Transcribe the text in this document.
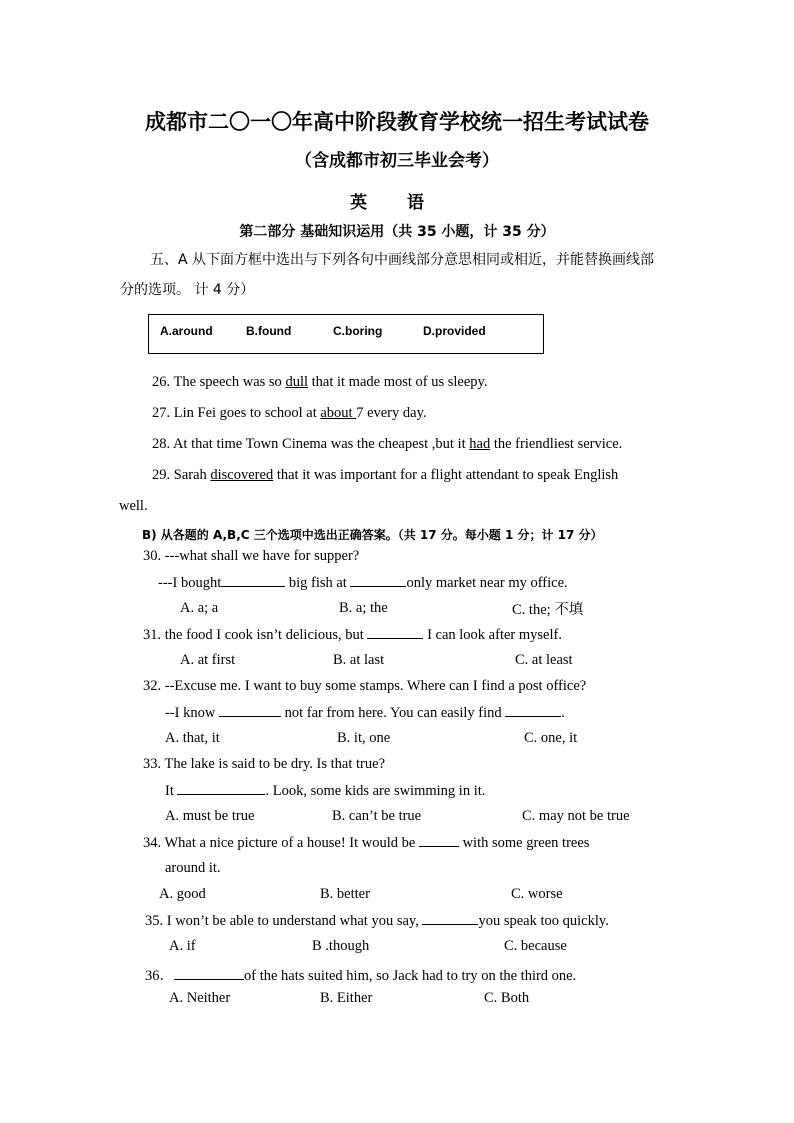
成都市二〇一〇年高中阶段教育学校统一招生考试试卷
（含成都市初三毕业会考）
英语
第二部分 基础知识运用（共 35 小题，计 35 分）
五、A 从下面方框中选出与下列各句中画线部分意思相同或相近，并能替换画线部
分的选项。 计 4 分）
A.around	B.found	C.boring	D.provided
26. The speech was so dull that it made most of us sleepy.
27. Lin Fei goes to school at about 7 every day.
28. At that time Town Cinema was the cheapest ,but it had the friendliest service.
29. Sarah discovered that it was important for a flight attendant to speak English
well.
B) 从各题的 A,B,C 三个选项中选出正确答案。（共 17 分。每小题 1 分；计 17 分）
30. ---what shall we have for supper?
---I bought	big fish at	only market near my office.
A. a; a	B. a; the	C. the; 不填
31. the food I cook isn’t delicious, but	I can look after myself.
A. at first	B. at last	C. at least
32. --Excuse me. I want to buy some stamps. Where can I find a post office?
--I know	not far from here. You can easily find	.
A. that, it	B. it, one	C. one, it
33. The lake is said to be dry. Is that true?
It	. Look, some kids are swimming in it.
A. must be true	B. can’t be true	C. may not be true
34. What a nice picture of a house! It would be	with some green trees
around it.
A. good	B. better	C. worse
35. I won’t be able to understand what you say,	you speak too quickly.
A. if	B .though	C. because
36．	of the hats suited him, so Jack had to try on the third one.
A. Neither	B. Either	C. Both
